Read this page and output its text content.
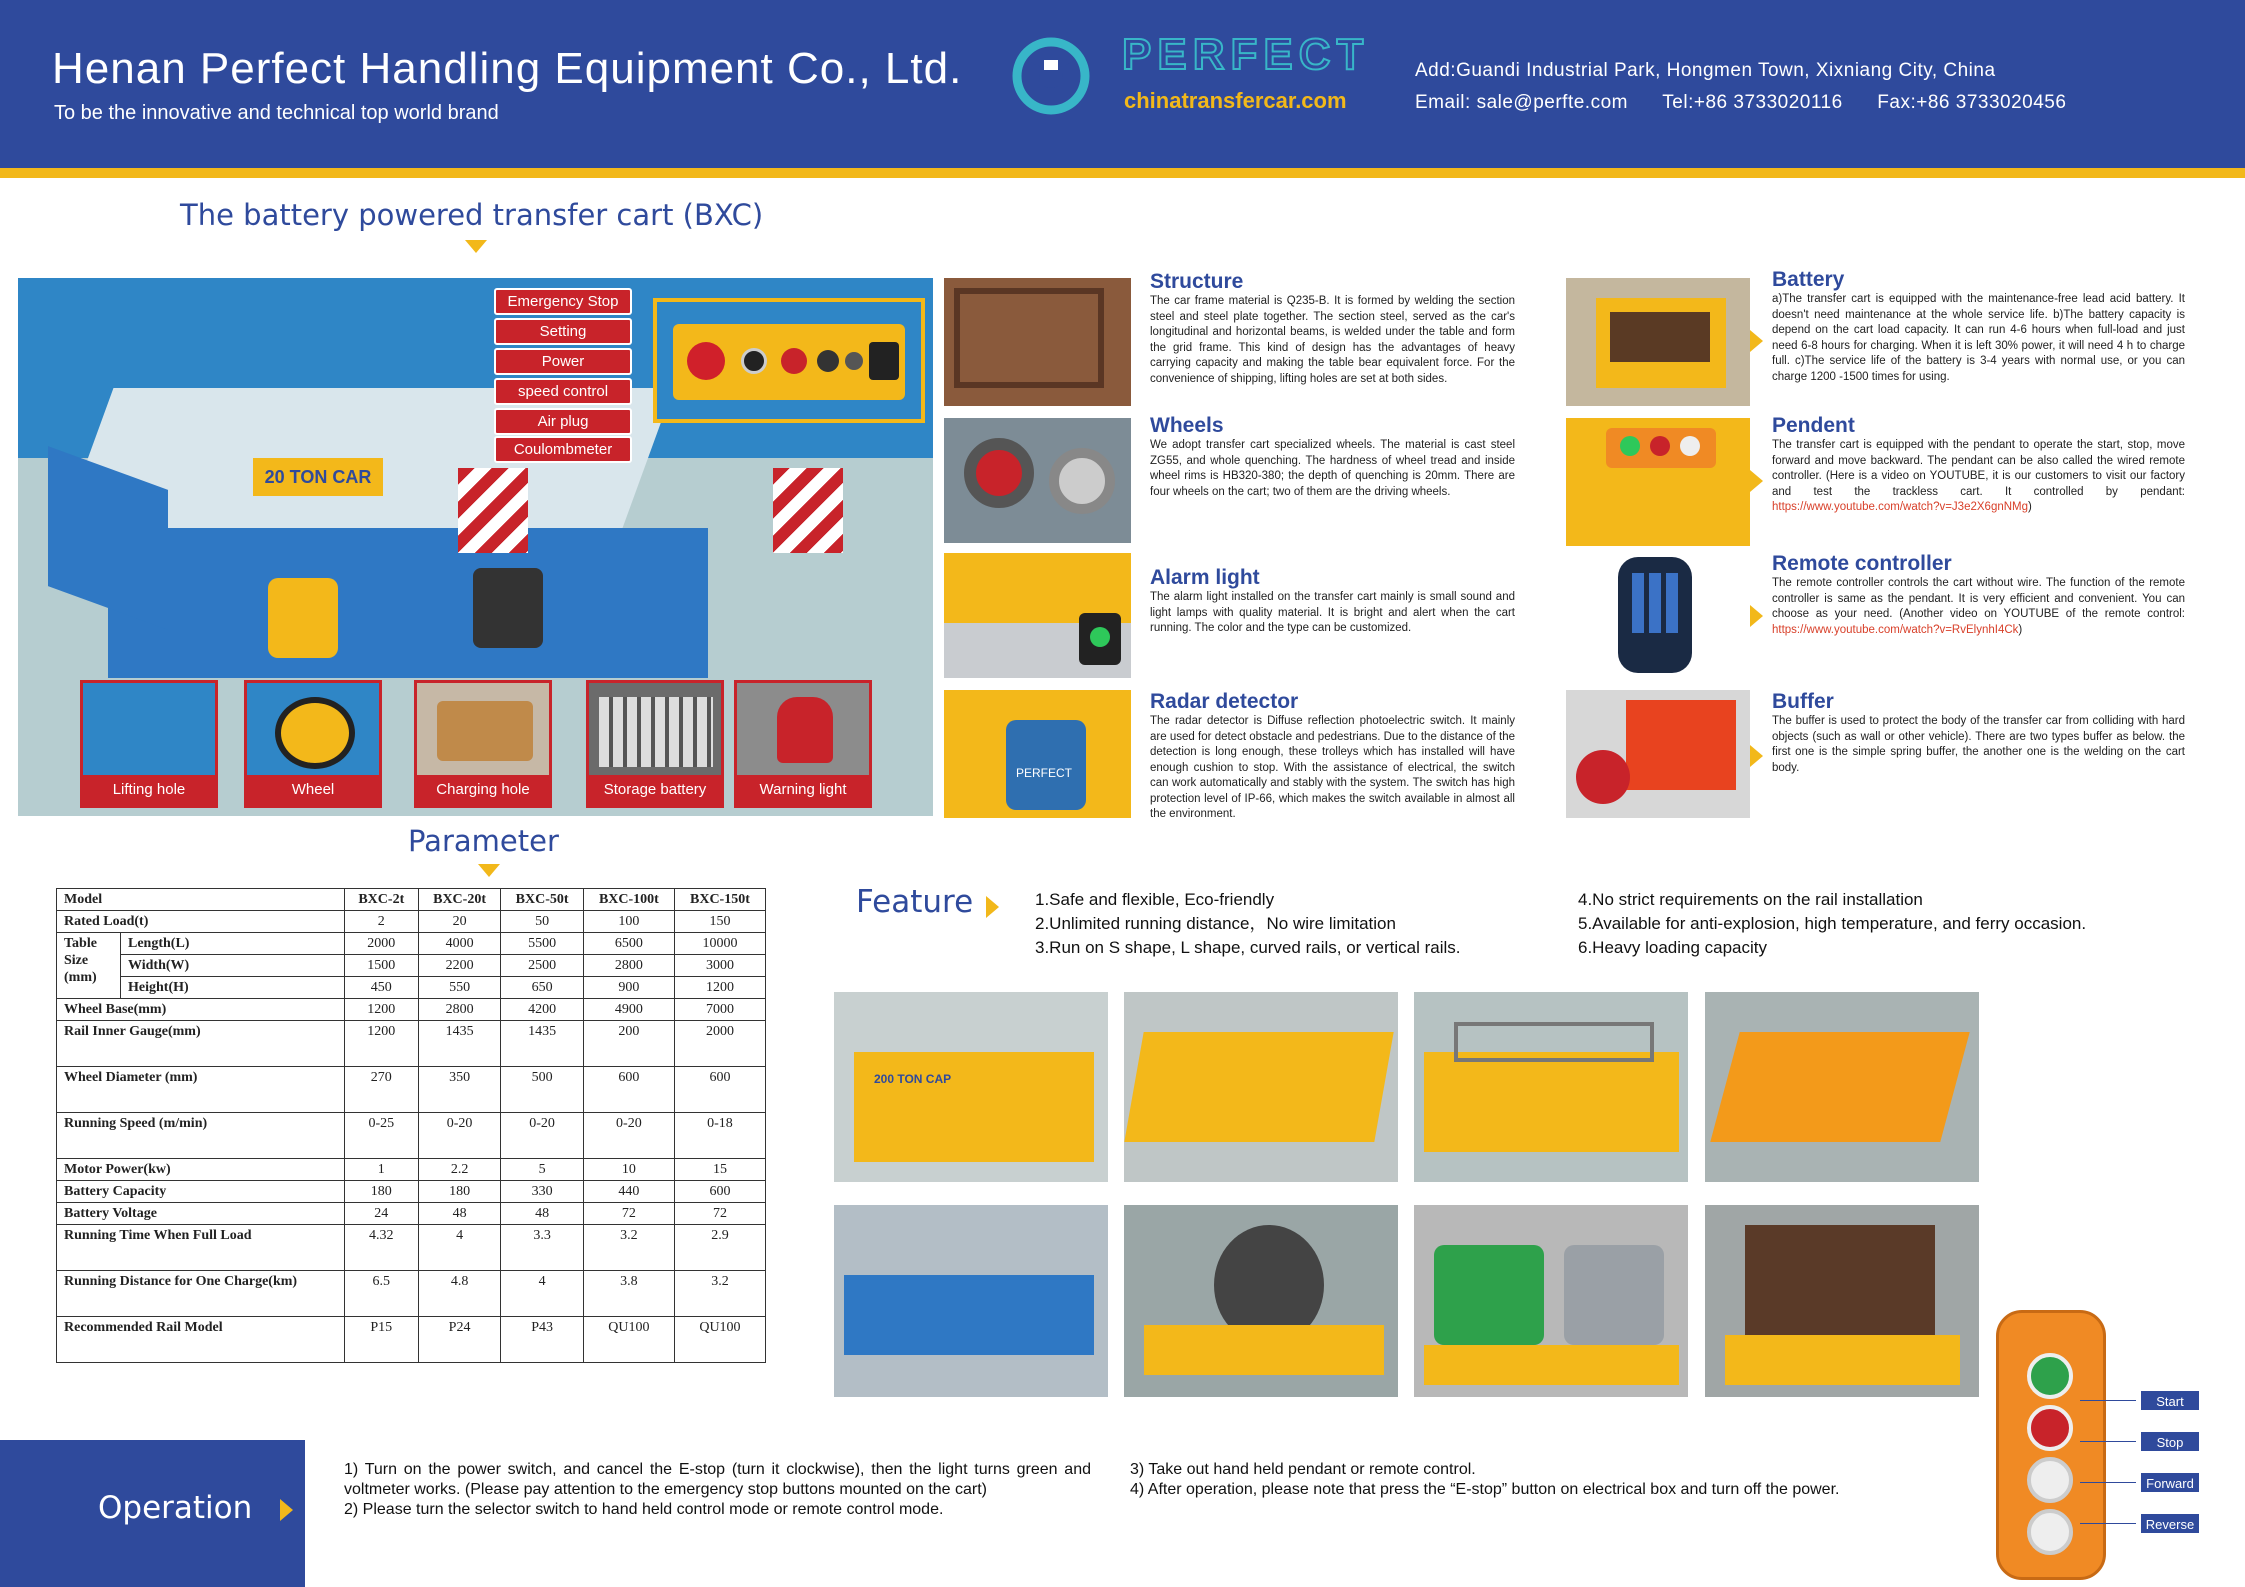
Henan Perfect Handling Equipment Co., Ltd.
To be the innovative and technical top world brand
PERFECT
chinatransfercar.com
Add:Guandi Industrial Park, Hongmen Town, Xixniang City, China
Email: sale@perfte.com      Tel:+86 3733020116      Fax:+86 3733020456
The battery powered transfer cart (BXC)
20 TON CAR
Emergency Stop
Setting
Power
speed control
Air plug
Coulombmeter
Lifting hole	Wheel	Charging hole	Storage battery	Warning light
PERFECT
Structure
The car frame material is Q235-B. It is formed by welding the section steel and steel plate together. The section steel, served as the car's longitudinal and horizontal beams, is welded under the table and form the grid frame. This kind of design has the advantages of heavy carrying capacity and making the table bear equivalent force. For the convenience of shipping, lifting holes are set at both sides.
Wheels
We adopt transfer cart specialized wheels. The material is cast steel ZG55, and whole quenching. The hardness of wheel tread and inside wheel rims is HB320-380; the depth of quenching is 20mm. There are four wheels on the cart; two of them are the driving wheels.
Alarm light
The alarm light installed on the transfer cart mainly is small sound and light lamps with quality material. It is bright and alert when the cart running. The color and the type can be customized.
Radar detector
The radar detector is Diffuse reflection photoelectric switch. It mainly are used for detect obstacle and pedestrians. Due to the distance of the detection is long enough, these trolleys which has installed will have enough cushion to stop. With the assistance of electrical, the switch can work automatically and stably with the system. The switch has high protection level of IP-66, which makes the switch available in almost all the environment.
Battery
a)The transfer cart is equipped with the maintenance-free lead acid battery. It doesn't need maintenance at the whole service life. b)The battery capacity is depend on the cart load capacity. It can run 4-6 hours when full-load and just need 6-8 hours for charging. When it is left 30% power, it will need 4 h to charge full. c)The service life of the battery is 3-4 years with normal use, or you can charge 1200 -1500 times for using.
Pendent
The transfer cart is equipped with the pendant to operate the start, stop, move forward and move backward. The pendant can be also called the wired remote controller. (Here is a video on YOUTUBE, it is our customers to visit our factory and test the trackless cart. It controlled by pendant: https://www.youtube.com/watch?v=J3e2X6gnNMg)
Remote controller
The remote controller controls the cart without wire. The function of the remote controller is same as the pendant. It is very efficient and convenient. You can choose as your need. (Another video on YOUTUBE of the remote control: https://www.youtube.com/watch?v=RvElynhI4Ck)
Buffer
The buffer is used to protect the body of the transfer car from colliding with hard objects (such as wall or other vehicle). There are two types buffer as below. the first one is the simple spring buffer, the another one is the welding on the cart body.
Parameter
Model		BXC-2t	BXC-20t	BXC-50t	BXC-100t	BXC-150t
Rated Load(t)		2	20	50	100	150
Table
Size
(mm)	Length(L)	2000	4000	5500	6500	10000
	Width(W)	1500	2200	2500	2800	3000
	Height(H)	450	550	650	900	1200
Wheel Base(mm)		1200	2800	4200	4900	7000
Rail Inner Gauge(mm)		1200	1435	1435	200	2000
Wheel Diameter (mm)		270	350	500	600	600
Running Speed (m/min)		0-25	0-20	0-20	0-20	0-18
Motor Power(kw)		1	2.2	5	10	15
Battery Capacity		180	180	330	440	600
Battery Voltage		24	48	48	72	72
Running Time When Full Load		4.32	4	3.3	3.2	2.9
Running Distance for One Charge(km)		6.5	4.8	4	3.8	3.2
Recommended Rail Model		P15	P24	P43	QU100	QU100
Feature	1.Safe and flexible, Eco-friendly
2.Unlimited running distance，No wire limitation
3.Run on S shape, L shape, curved rails, or vertical rails.
4.No strict requirements on the rail installation
5.Available for anti-explosion, high temperature, and ferry occasion.
6.Heavy loading capacity
200 TON CAP
Operation
1) Turn on the power switch, and cancel the E-stop (turn it clockwise), then the light turns green and voltmeter works. (Please pay attention to the emergency stop buttons mounted on the cart)
2) Please turn the selector switch to hand held control mode or remote control mode.
3) Take out hand held pendant or remote control.
4) After operation, please note that press the “E-stop” button on electrical box and turn off the power.
Start
Stop
Forward
Reverse
